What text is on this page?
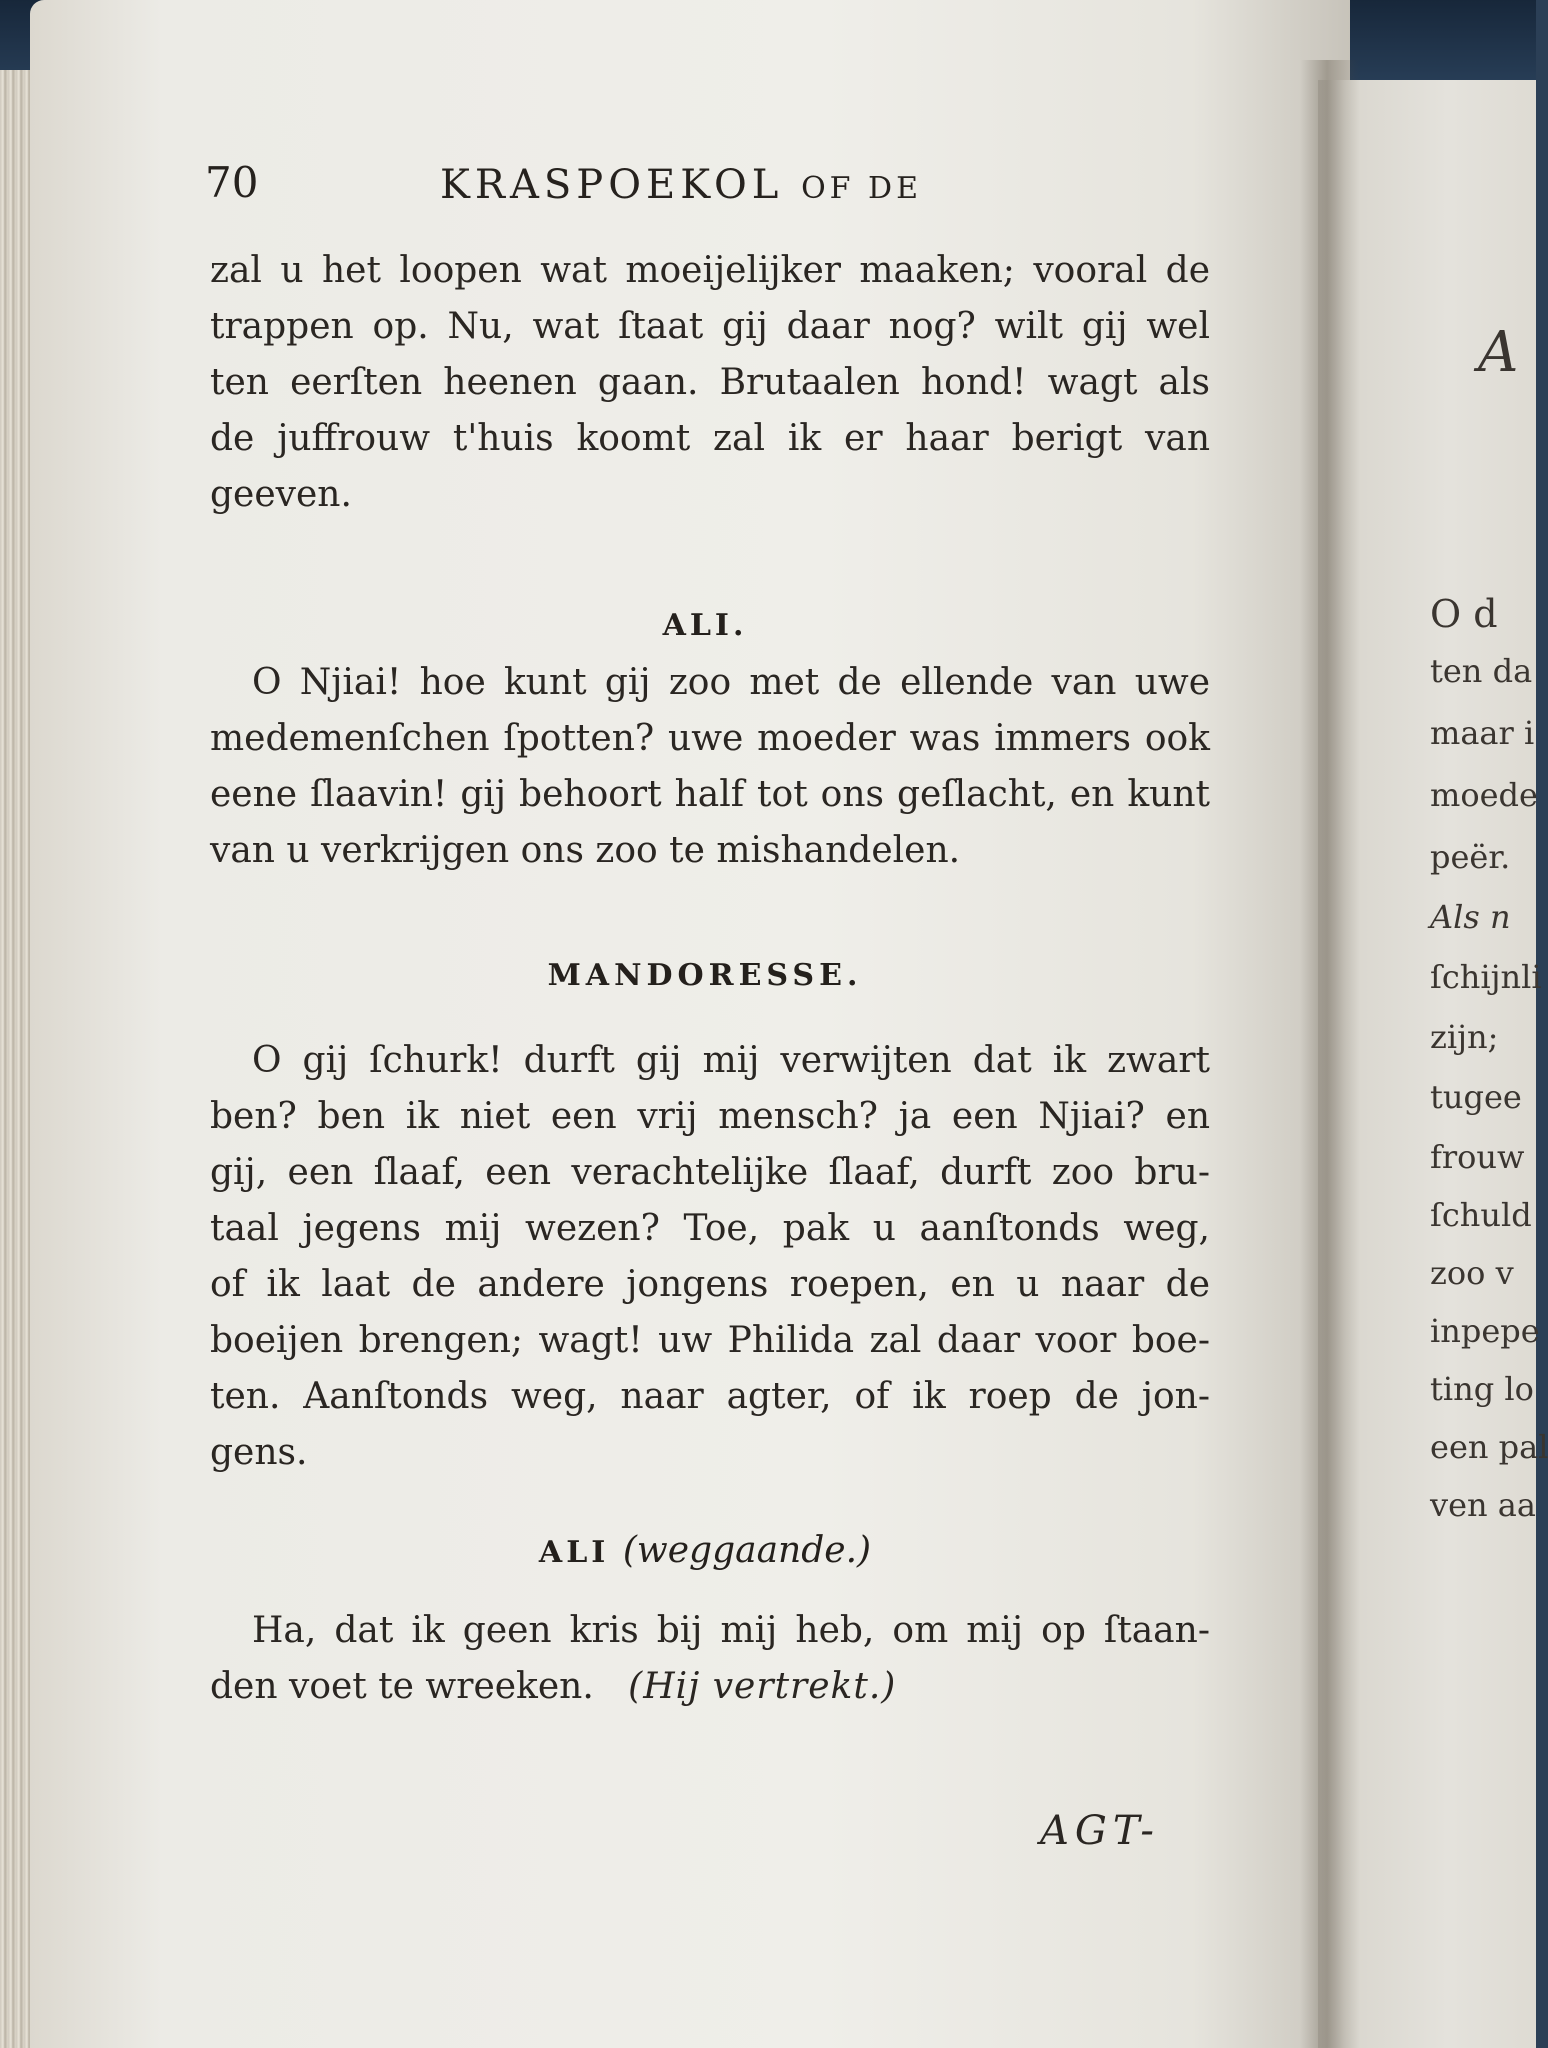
70	KRASPOEKOL OF DE
zal u het loopen wat moeijelijker maaken; vooral de
trappen op. Nu, wat ſtaat gij daar nog? wilt gij wel
ten eerſten heenen gaan. Brutaalen hond! wagt als
de juffrouw t'huis koomt zal ik er haar berigt van
geeven.
ALI.
O Njiai! hoe kunt gij zoo met de ellende van uwe
medemenſchen ſpotten? uwe moeder was immers ook
eene ſlaavin! gij behoort half tot ons geſlacht, en kunt
van u verkrijgen ons zoo te mishandelen.
MANDORESSE.
O gij ſchurk! durft gij mij verwijten dat ik zwart
ben? ben ik niet een vrij mensch? ja een Njiai? en
gij, een ſlaaf, een verachtelijke ſlaaf, durft zoo bru-
taal jegens mij wezen? Toe, pak u aanſtonds weg,
of ik laat de andere jongens roepen, en u naar de
boeijen brengen; wagt! uw Philida zal daar voor boe-
ten. Aanſtonds weg, naar agter, of ik roep de jon-
gens.
ALI (weggaande.)
Ha, dat ik geen kris bij mij heb, om mij op ſtaan-
den voet te wreeken. (Hij vertrekt.)
AGT-
A
O d
ten da
maar i
moede
peër.
Als n
ſchijnli
zijn;
tugee
frouw
ſchuld
zoo v
inpepe
ting lo
een pal
ven aa
